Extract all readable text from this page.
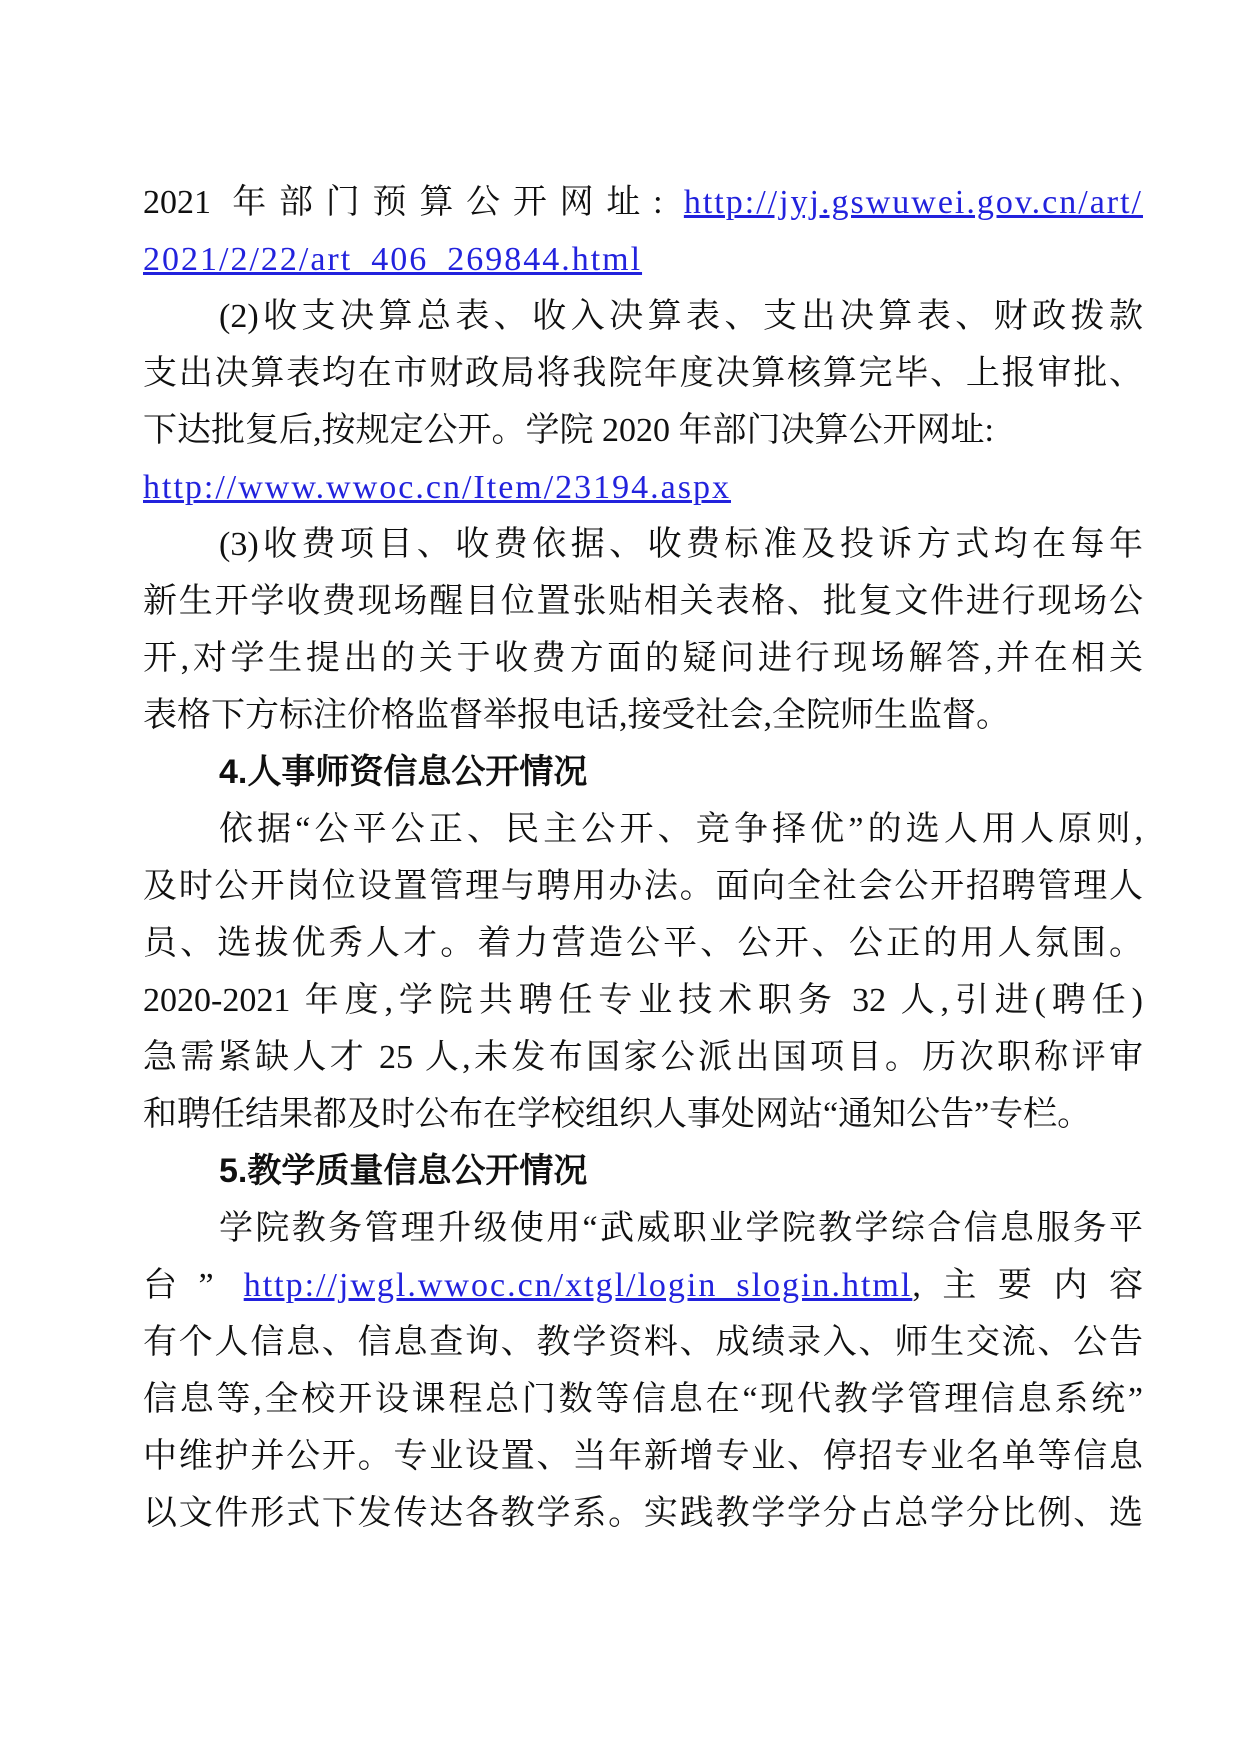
2021 年部门预算公开网址: http://jyj.gswuwei.gov.cn/art/
2021/2/22/art_406_269844.html
(2)收支决算总表、收入决算表、支出决算表、财政拨款
支出决算表均在市财政局将我院年度决算核算完毕、上报审批、
下达批复后,按规定公开。学院 2020 年部门决算公开网址:
http://www.wwoc.cn/Item/23194.aspx
(3)收费项目、收费依据、收费标准及投诉方式均在每年
新生开学收费现场醒目位置张贴相关表格、批复文件进行现场公
开,对学生提出的关于收费方面的疑问进行现场解答,并在相关
表格下方标注价格监督举报电话,接受社会,全院师生监督。
4.人事师资信息公开情况
依据“公平公正、民主公开、竞争择优”的选人用人原则,
及时公开岗位设置管理与聘用办法。面向全社会公开招聘管理人
员、选拔优秀人才。着力营造公平、公开、公正的用人氛围。
2020-2021 年度,学院共聘任专业技术职务 32 人,引进(聘任)
急需紧缺人才 25 人,未发布国家公派出国项目。历次职称评审
和聘任结果都及时公布在学校组织人事处网站“通知公告”专栏。
5.教学质量信息公开情况
学院教务管理升级使用“武威职业学院教学综合信息服务平
台” http://jwgl.wwoc.cn/xtgl/login_slogin.html,主要内容
有个人信息、信息查询、教学资料、成绩录入、师生交流、公告
信息等,全校开设课程总门数等信息在“现代教学管理信息系统”
中维护并公开。专业设置、当年新增专业、停招专业名单等信息
以文件形式下发传达各教学系。实践教学学分占总学分比例、选
